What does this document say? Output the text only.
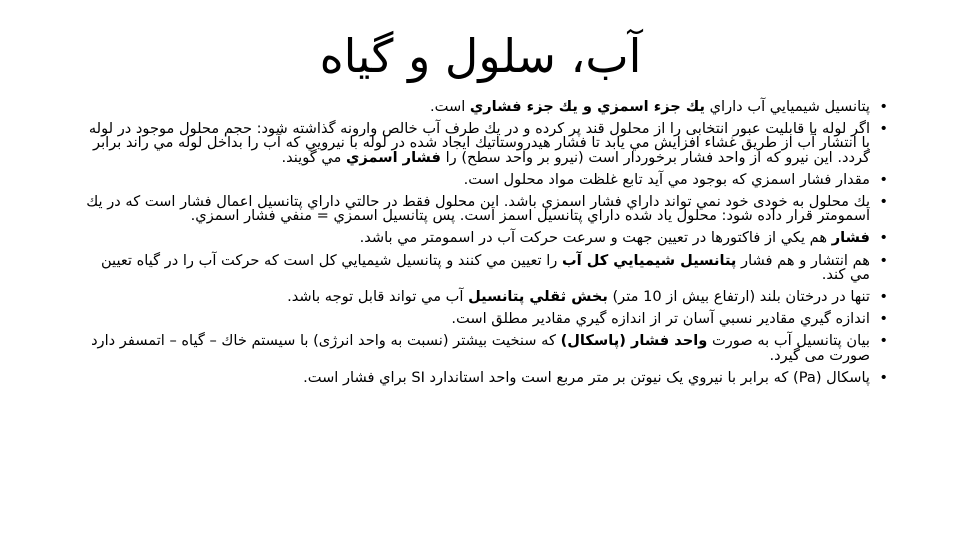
آب، سلول و گیاه
• پتانسيل شيميايي آب داراي يك جزء اسمزي و يك جزء فشاري است.
• اگر لوله با قابليت عبور انتخابی را از محلول قند پر كرده و در يك طرف آب خالص وارونه گذاشته شود: حجم محلول موجود در لوله با انتشار آب از طريق غشاء افزايش مي يابد تا فشار هيدروستاتيك ايجاد شده در لوله با نيرويي كه آب را بداخل لوله مي راند برابر گردد. اين نيرو كه از واحد فشار برخوردار است (نيرو بر واحد سطح) را فشار اسمزي مي گويند.
• مقدار فشار اسمزي كه بوجود مي آيد تابع غلظت مواد محلول است.
• يك محلول به خودی خود نمي تواند داراي فشار اسمزي باشد. اين محلول فقط در حالتي داراي پتانسيل اعمال فشار است كه در يك اسمومتر قرار داده شود: محلول ياد شده داراي پتانسيل اسمز است. پس پتانسيل اسمزي = منفي فشار اسمزي.
• فشار هم يكي از فاكتورها در تعيين جهت و سرعت حركت آب در اسمومتر مي باشد.
• هم انتشار و هم فشار پتانسيل شيميايي كل آب را تعيين مي كنند و پتانسيل شيميايي كل است كه حركت آب را در گياه تعيين مي كند.
• تنها در درختان بلند (ارتفاع بيش از 10 متر) بخش ثقلي پتانسيل آب مي تواند قابل توجه باشد.
• اندازه گيري مقادير نسبي آسان تر از اندازه گيري مقادير مطلق است.
• بيان پتانسيل آب به صورت واحد فشار (پاسكال) كه سنخيت بيشتر (نسبت به واحد انرژی) با سيستم خاك – گياه – اتمسفر دارد صورت می گيرد.
• پاسکال (Pa) که برابر با نيروي يک نيوتن بر متر مربع است واحد استاندارد SI براي فشار است.
